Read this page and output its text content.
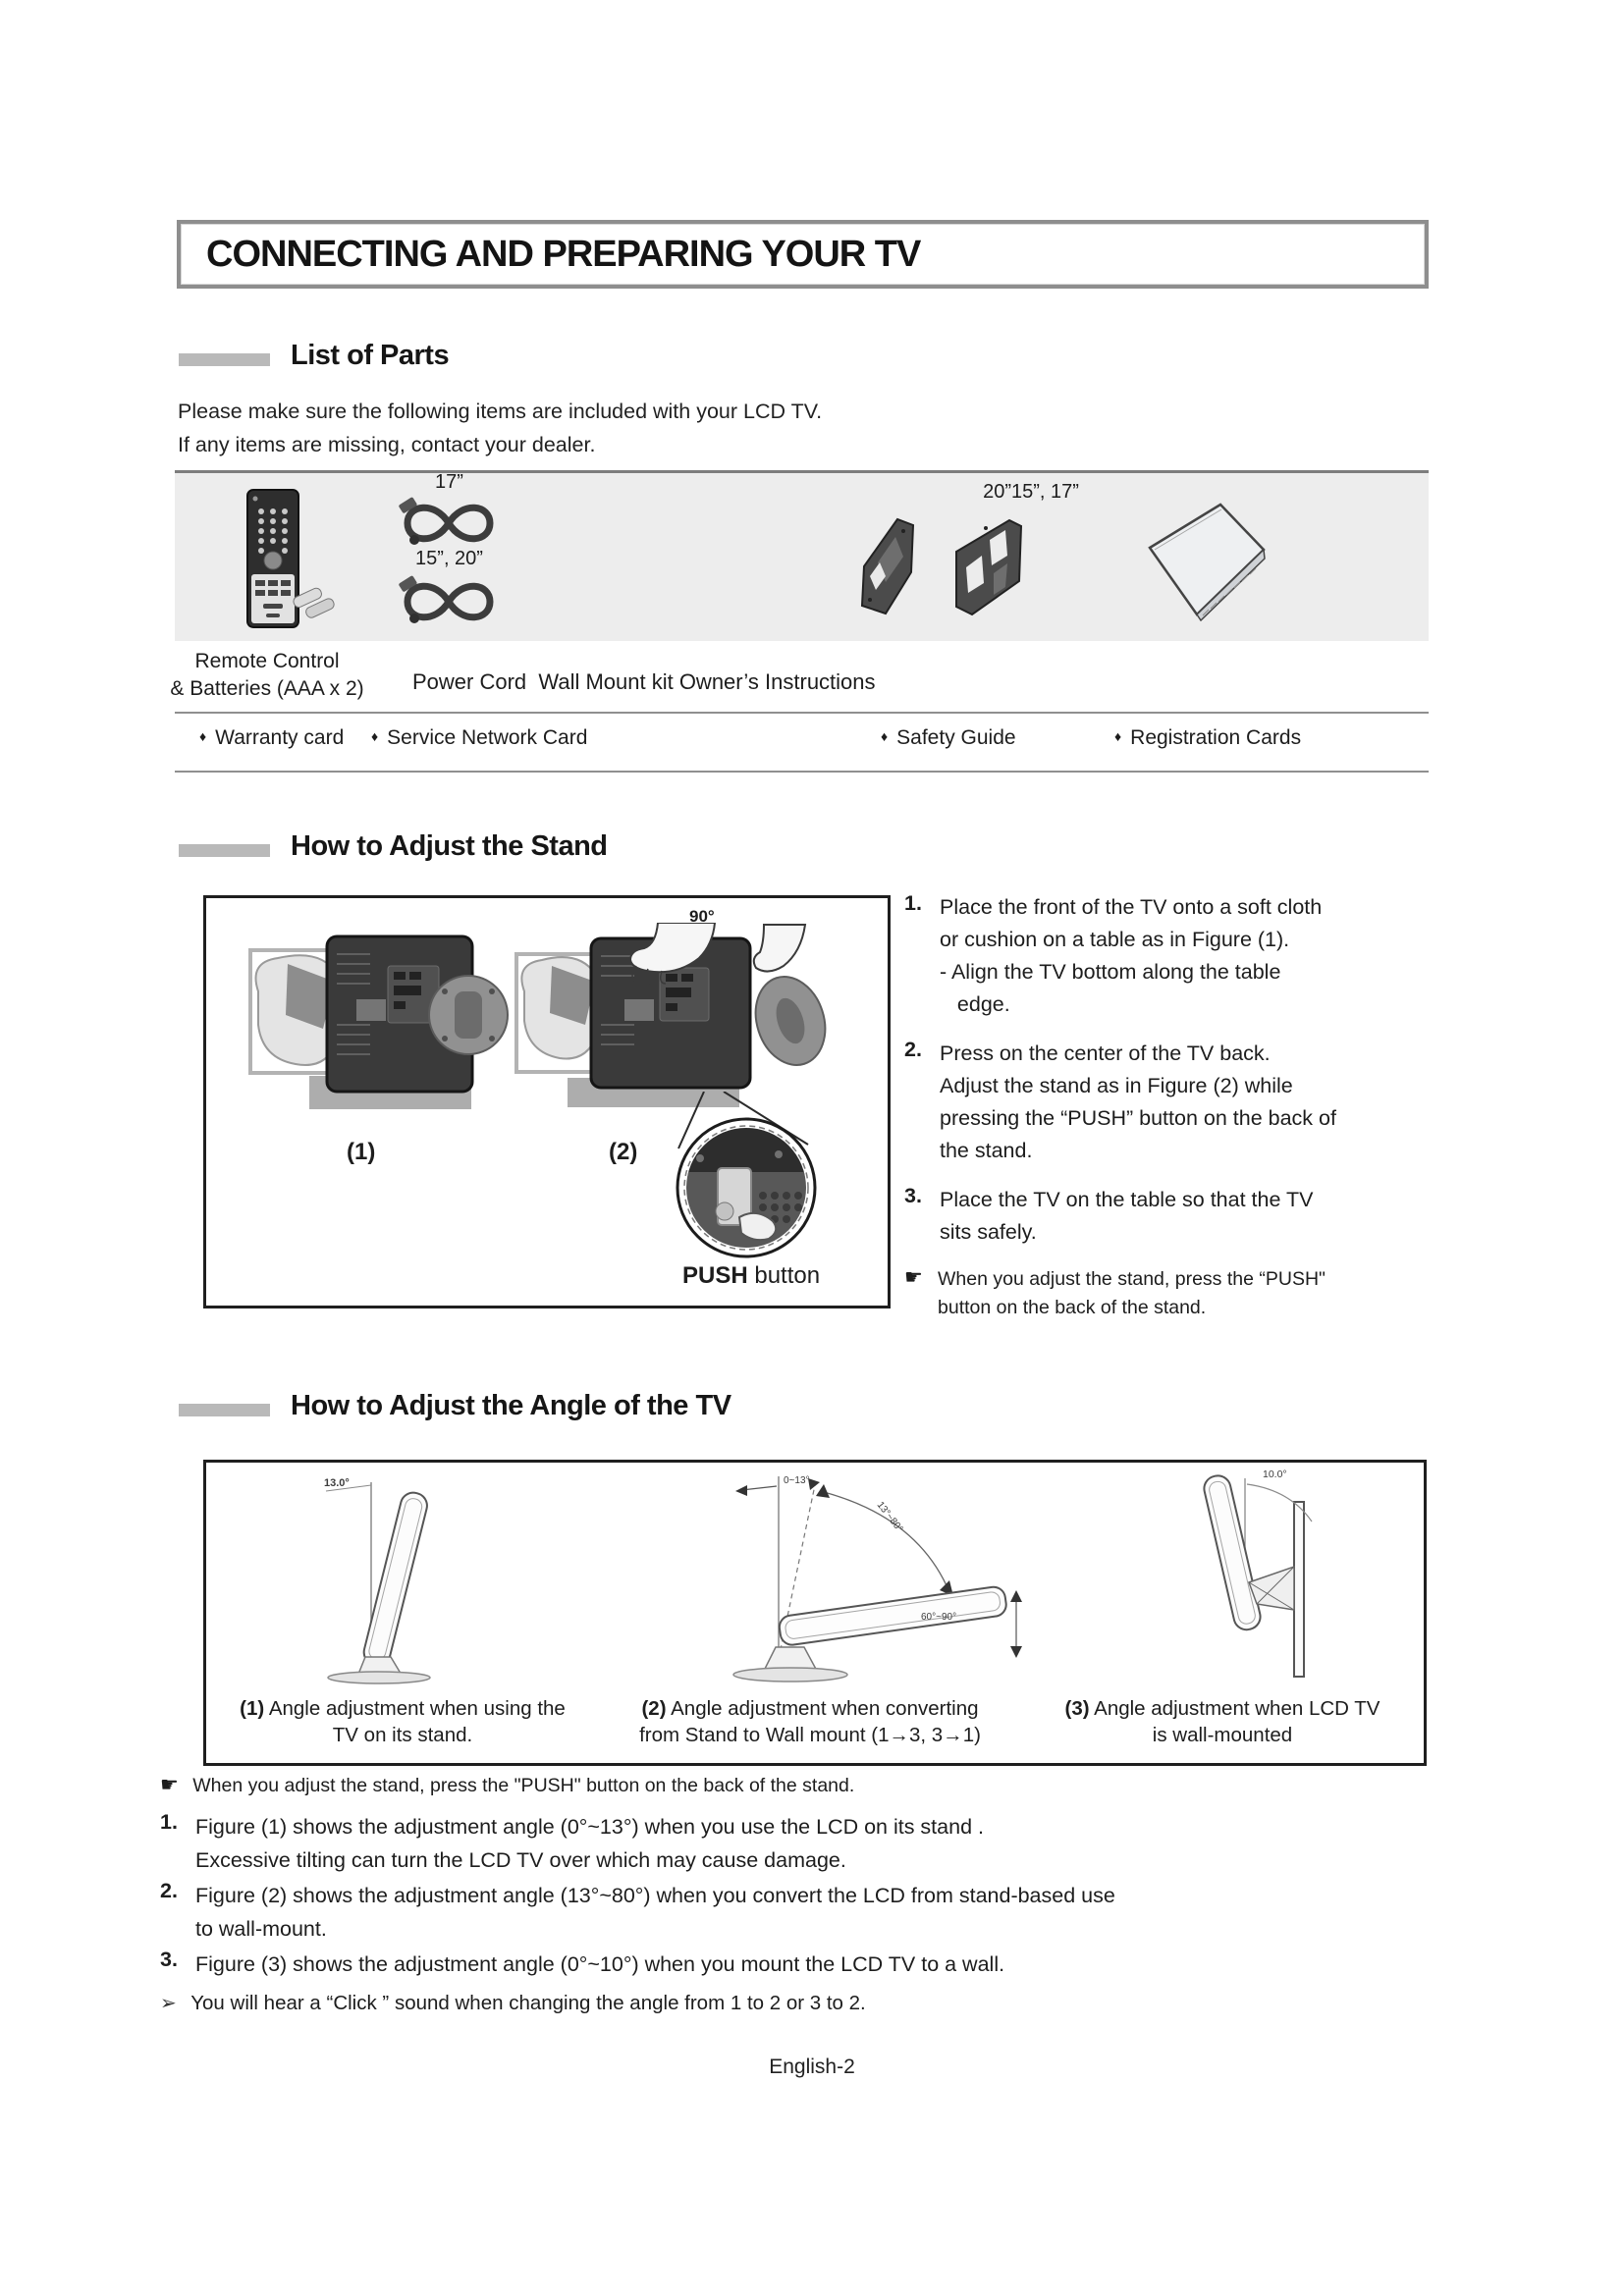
CONNECTING AND PREPARING YOUR TV
List of Parts
Please make sure the following items are included with your LCD TV.
If any items are missing, contact your dealer.
17”
15”, 20”
20”15”, 17”
Remote Control
& Batteries (AAA x 2)	Power Cord  Wall Mount kit Owner’s Instructions
♦ Warranty card ♦ Service Network Card	♦ Safety Guide	♦ Registration Cards
How to Adjust the Stand
(1)
90°
(2)
PUSH button
1. Place the front of the TV onto a soft cloth
or cushion on a table as in Figure (1).
- Align the TV bottom along the table
edge.
2. Press on the center of the TV back.
Adjust the stand as in Figure (2) while
pressing the “PUSH” button on the back of
the stand.
3. Place the TV on the table so that the TV
sits safely.
☛ When you adjust the stand, press the “PUSH"
button on the back of the stand.
How to Adjust the Angle of the TV
13.0°	0~13°
13°~80°
60°~90°
10.0°
(1) Angle adjustment when using the
TV on its stand.
(2) Angle adjustment when converting
from Stand to Wall mount (1→3, 3→1)
(3) Angle adjustment when LCD TV
is wall-mounted
☛ When you adjust the stand, press the "PUSH" button on the back of the stand.
1. Figure (1) shows the adjustment angle (0°~13°) when you use the LCD on its stand .
Excessive tilting can turn the LCD TV over which may cause damage.
2. Figure (2) shows the adjustment angle (13°~80°) when you convert the LCD from stand-based use
to wall-mount.
3. Figure (3) shows the adjustment angle (0°~10°) when you mount the LCD TV to a wall.
➢ You will hear a “Click ” sound when changing the angle from 1 to 2 or 3 to 2.
English-2
